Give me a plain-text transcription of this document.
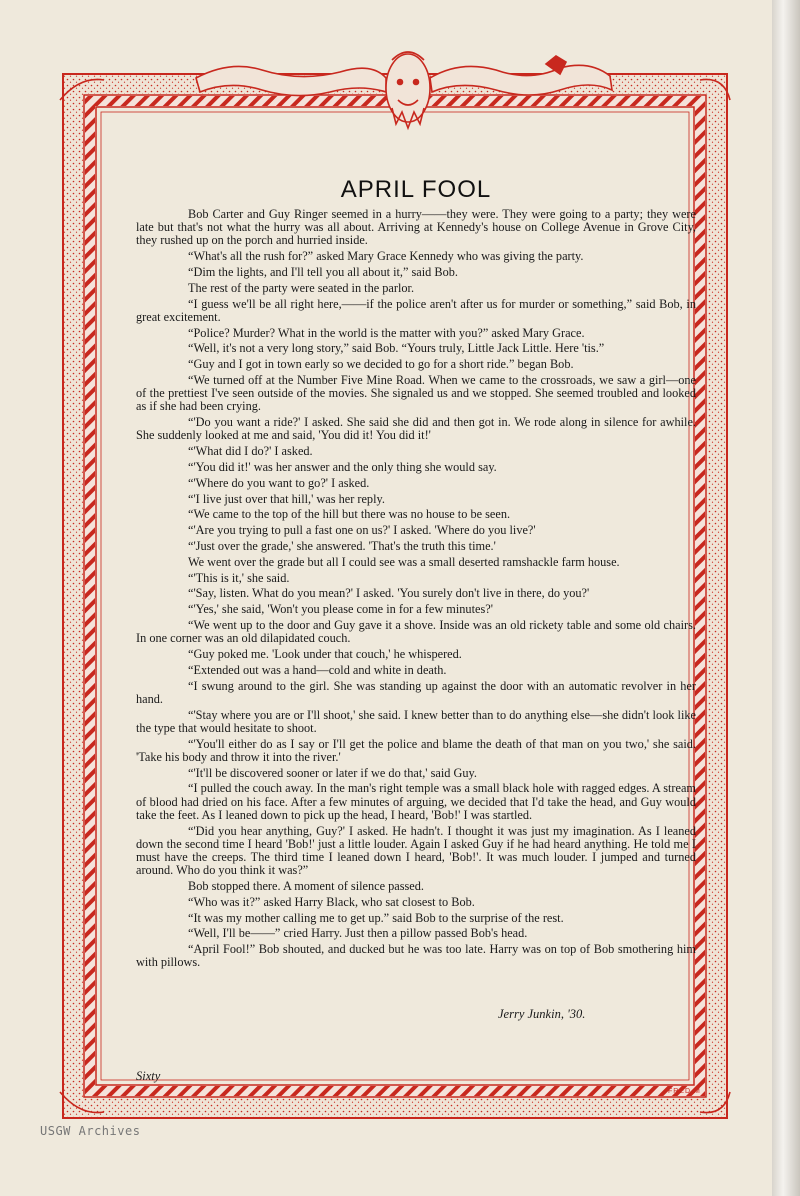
APRIL FOOL

Bob Carter and Guy Ringer seemed in a hurry——they were. They were going to a party; they were late but that's not what the hurry was all about. Arriving at Kennedy's house on College Avenue in Grove City, they rushed up on the porch and hurried inside.

“What's all the rush for?” asked Mary Grace Kennedy who was giving the party.

“Dim the lights, and I'll tell you all about it,” said Bob.

The rest of the party were seated in the parlor.

“I guess we'll be all right here,——if the police aren't after us for murder or something,” said Bob, in great excitement.

“Police? Murder? What in the world is the matter with you?” asked Mary Grace.

“Well, it's not a very long story,” said Bob. “Yours truly, Little Jack Little. Here 'tis.”

“Guy and I got in town early so we decided to go for a short ride.” began Bob.

“We turned off at the Number Five Mine Road. When we came to the crossroads, we saw a girl—one of the prettiest I've seen outside of the movies. She signaled us and we stopped. She seemed troubled and looked as if she had been crying.

“'Do you want a ride?' I asked. She said she did and then got in. We rode along in silence for awhile. She suddenly looked at me and said, 'You did it! You did it!'

“'What did I do?' I asked.

“'You did it!' was her answer and the only thing she would say.

“'Where do you want to go?' I asked.

“'I live just over that hill,' was her reply.

“We came to the top of the hill but there was no house to be seen.

“'Are you trying to pull a fast one on us?' I asked. 'Where do you live?'

“'Just over the grade,' she answered. 'That's the truth this time.'

We went over the grade but all I could see was a small deserted ramshackle farm house.

“'This is it,' she said.

“'Say, listen. What do you mean?' I asked. 'You surely don't live in there, do you?'

“'Yes,' she said, 'Won't you please come in for a few minutes?'

“We went up to the door and Guy gave it a shove. Inside was an old rickety table and some old chairs. In one corner was an old dilapidated couch.

“Guy poked me. 'Look under that couch,' he whispered.

“Extended out was a hand—cold and white in death.

“I swung around to the girl. She was standing up against the door with an automatic revolver in her hand.

“'Stay where you are or I'll shoot,' she said. I knew better than to do anything else—she didn't look like the type that would hesitate to shoot.

“'You'll either do as I say or I'll get the police and blame the death of that man on you two,' she said. 'Take his body and throw it into the river.'

“'It'll be discovered sooner or later if we do that,' said Guy.

“I pulled the couch away. In the man's right temple was a small black hole with ragged edges. A stream of blood had dried on his face. After a few minutes of arguing, we decided that I'd take the head, and Guy would take the feet. As I leaned down to pick up the head, I heard, 'Bob!' I was startled.

“'Did you hear anything, Guy?' I asked. He hadn't. I thought it was just my imagination. As I leaned down the second time I heard 'Bob!' just a little louder. Again I asked Guy if he had heard anything. He told me I must have the creeps. The third time I leaned down I heard, 'Bob!'. It was much louder. I jumped and turned around. Who do you think it was?”

Bob stopped there. A moment of silence passed.

“Who was it?” asked Harry Black, who sat closest to Bob.

“It was my mother calling me to get up.” said Bob to the surprise of the rest.

“Well, I'll be——” cried Harry. Just then a pillow passed Bob's head.

“April Fool!” Bob shouted, and ducked but he was too late. Harry was on top of Bob smothering him with pillows.

Jerry Junkin, '30.
Sixty
FRED M
USGW Archives
